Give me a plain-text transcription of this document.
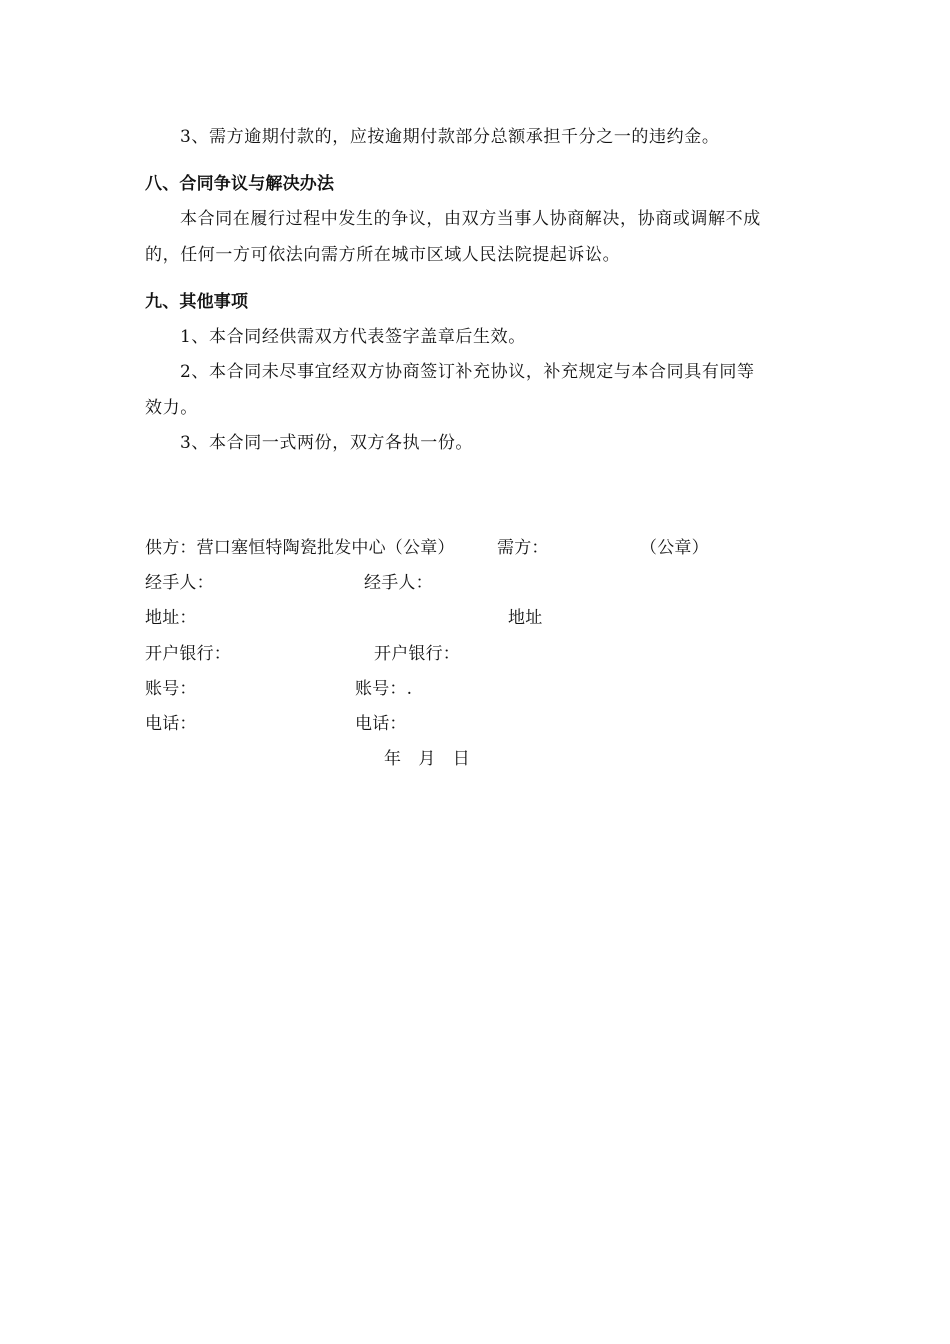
3、需方逾期付款的，应按逾期付款部分总额承担千分之一的违约金。
八、合同争议与解决办法
本合同在履行过程中发生的争议，由双方当事人协商解决，协商或调解不成
的，任何一方可依法向需方所在城市区域人民法院提起诉讼。
九、其他事项
1、本合同经供需双方代表签字盖章后生效。
2、本合同未尽事宜经双方协商签订补充协议，补充规定与本合同具有同等
效力。
3、本合同一式两份，双方各执一份。
供方：营口塞恒特陶瓷批发中心（公章） 需方：	（公章）
经手人：	经手人：
地址：	地址
开户银行：	开户银行：
账号：	账号：.
电话：	电话：
年　月　日
